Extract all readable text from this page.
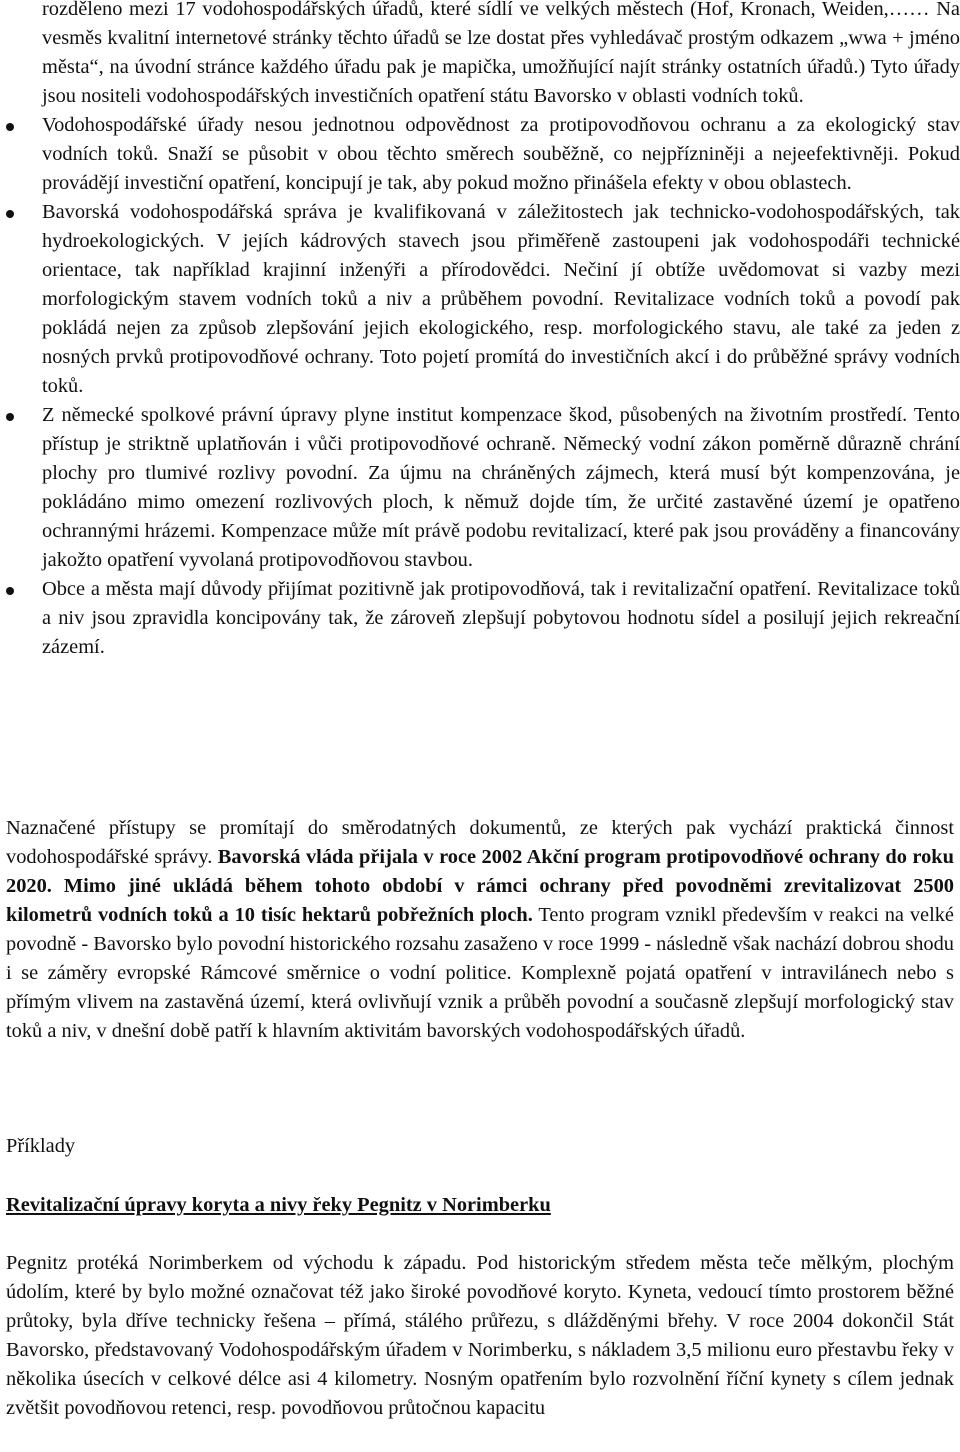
rozděleno mezi 17 vodohospodářských úřadů, které sídlí ve velkých městech (Hof, Kronach, Weiden,…… Na vesměs kvalitní internetové stránky těchto úřadů se lze dostat přes vyhledávač prostým odkazem „wwa + jméno města“, na úvodní stránce každého úřadu pak je mapička, umožňující najít stránky ostatních úřadů.) Tyto úřady jsou nositeli vodohospodářských investičních opatření státu Bavorsko v oblasti vodních toků.

Vodohospodářské úřady nesou jednotnou odpovědnost za protipovodňovou ochranu a za ekologický stav vodních toků. Snaží se působit v obou těchto směrech souběžně, co nejpřízniněji a nejeefektivněji. Pokud provádějí investiční opatření, koncipují je tak, aby pokud možno přinášela efekty v obou oblastech.

Bavorská vodohospodářská správa je kvalifikovaná v záležitostech jak technicko-vodohospodářských, tak hydroekologických. V jejích kádrových stavech jsou přiměřeně zastoupeni jak vodohospodáři technické orientace, tak například krajinní inženýři a přírodovědci. Nečiní jí obtíže uvědomovat si vazby mezi morfologickým stavem vodních toků a niv a průběhem povodní. Revitalizace vodních toků a povodí pak pokládá nejen za způsob zlepšování jejich ekologického, resp. morfologického stavu, ale také za jeden z nosných prvků protipovodňové ochrany. Toto pojetí promítá do investičních akcí i do průběžné správy vodních toků.

Z německé spolkové právní úpravy plyne institut kompenzace škod, působených na životním prostředí. Tento přístup je striktně uplatňován i vůči protipovodňové ochraně. Německý vodní zákon poměrně důrazně chrání plochy pro tlumivé rozlivy povodní. Za újmu na chráněných zájmech, která musí být kompenzována, je pokládáno mimo omezení rozlivových ploch, k němuž dojde tím, že určité zastavěné území je opatřeno ochrannými hrázemi. Kompenzace může mít právě podobu revitalizací, které pak jsou prováděny a financovány jakožto opatření vyvolaná protipovodňovou stavbou.

Obce a města mají důvody přijímat pozitivně jak protipovodňová, tak i revitalizační opatření. Revitalizace toků a niv jsou zpravidla koncipovány tak, že zároveň zlepšují pobytovou hodnotu sídel a posilují jejich rekreační zázemí.

Naznačené přístupy se promítají do směrodatných dokumentů, ze kterých pak vychází praktická činnost vodohospodářské správy. Bavorská vláda přijala v roce 2002 Akční program protipovodňové ochrany do roku 2020. Mimo jiné ukládá během tohoto období v rámci ochrany před povodněmi zrevitalizovat 2500 kilometrů vodních toků a 10 tisíc hektarů pobřežních ploch. Tento program vznikl především v reakci na velké povodně - Bavorsko bylo povodní historického rozsahu zasaženo v roce 1999 - následně však nachází dobrou shodu i se záměry evropské Rámcové směrnice o vodní politice. Komplexně pojatá opatření v intravilánech nebo s přímým vlivem na zastavěná území, která ovlivňují vznik a průběh povodní a současně zlepšují morfologický stav toků a niv, v dnešní době patří k hlavním aktivitám bavorských vodohospodářských úřadů.

Příklady

Revitalizační úpravy koryta a nivy řeky Pegnitz v Norimberku

Pegnitz protéká Norimberkem od východu k západu. Pod historickým středem města teče mělkým, plochým údolím, které by bylo možné označovat též jako široké povodňové koryto. Kyneta, vedoucí tímto prostorem běžné průtoky, byla dříve technicky řešena – přímá, stálého průřezu, s dlážděnými břehy. V roce 2004 dokončil Stát Bavorsko, představovaný Vodohospodářským úřadem v Norimberku, s nákladem 3,5 milionu euro přestavbu řeky v několika úsecích v celkové délce asi 4 kilometry. Nosným opatřením bylo rozvolnění říční kynety s cílem jednak zvětšit povodňovou retenci, resp. povodňovou průtočnou kapacitu
